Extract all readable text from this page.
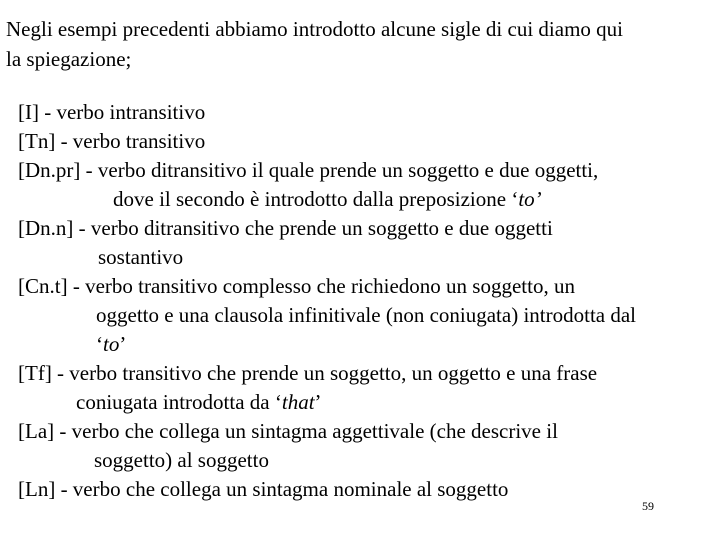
Negli esempi precedenti abbiamo introdotto alcune sigle di cui diamo qui
la spiegazione;
[I] - verbo intransitivo
[Tn] - verbo transitivo
[Dn.pr] - verbo ditransitivo il quale prende un soggetto e due oggetti,
dove il secondo è introdotto dalla preposizione ‘to’
[Dn.n] - verbo ditransitivo che prende un soggetto e due oggetti
sostantivo
[Cn.t] - verbo transitivo complesso che richiedono un soggetto, un
oggetto e una clausola infinitivale (non coniugata) introdotta dal
‘to’
[Tf] - verbo transitivo che prende un soggetto, un oggetto e una frase
coniugata introdotta da ‘that’
[La] - verbo che collega un sintagma aggettivale (che descrive il
soggetto) al soggetto
[Ln] - verbo che collega un sintagma nominale al soggetto
59
